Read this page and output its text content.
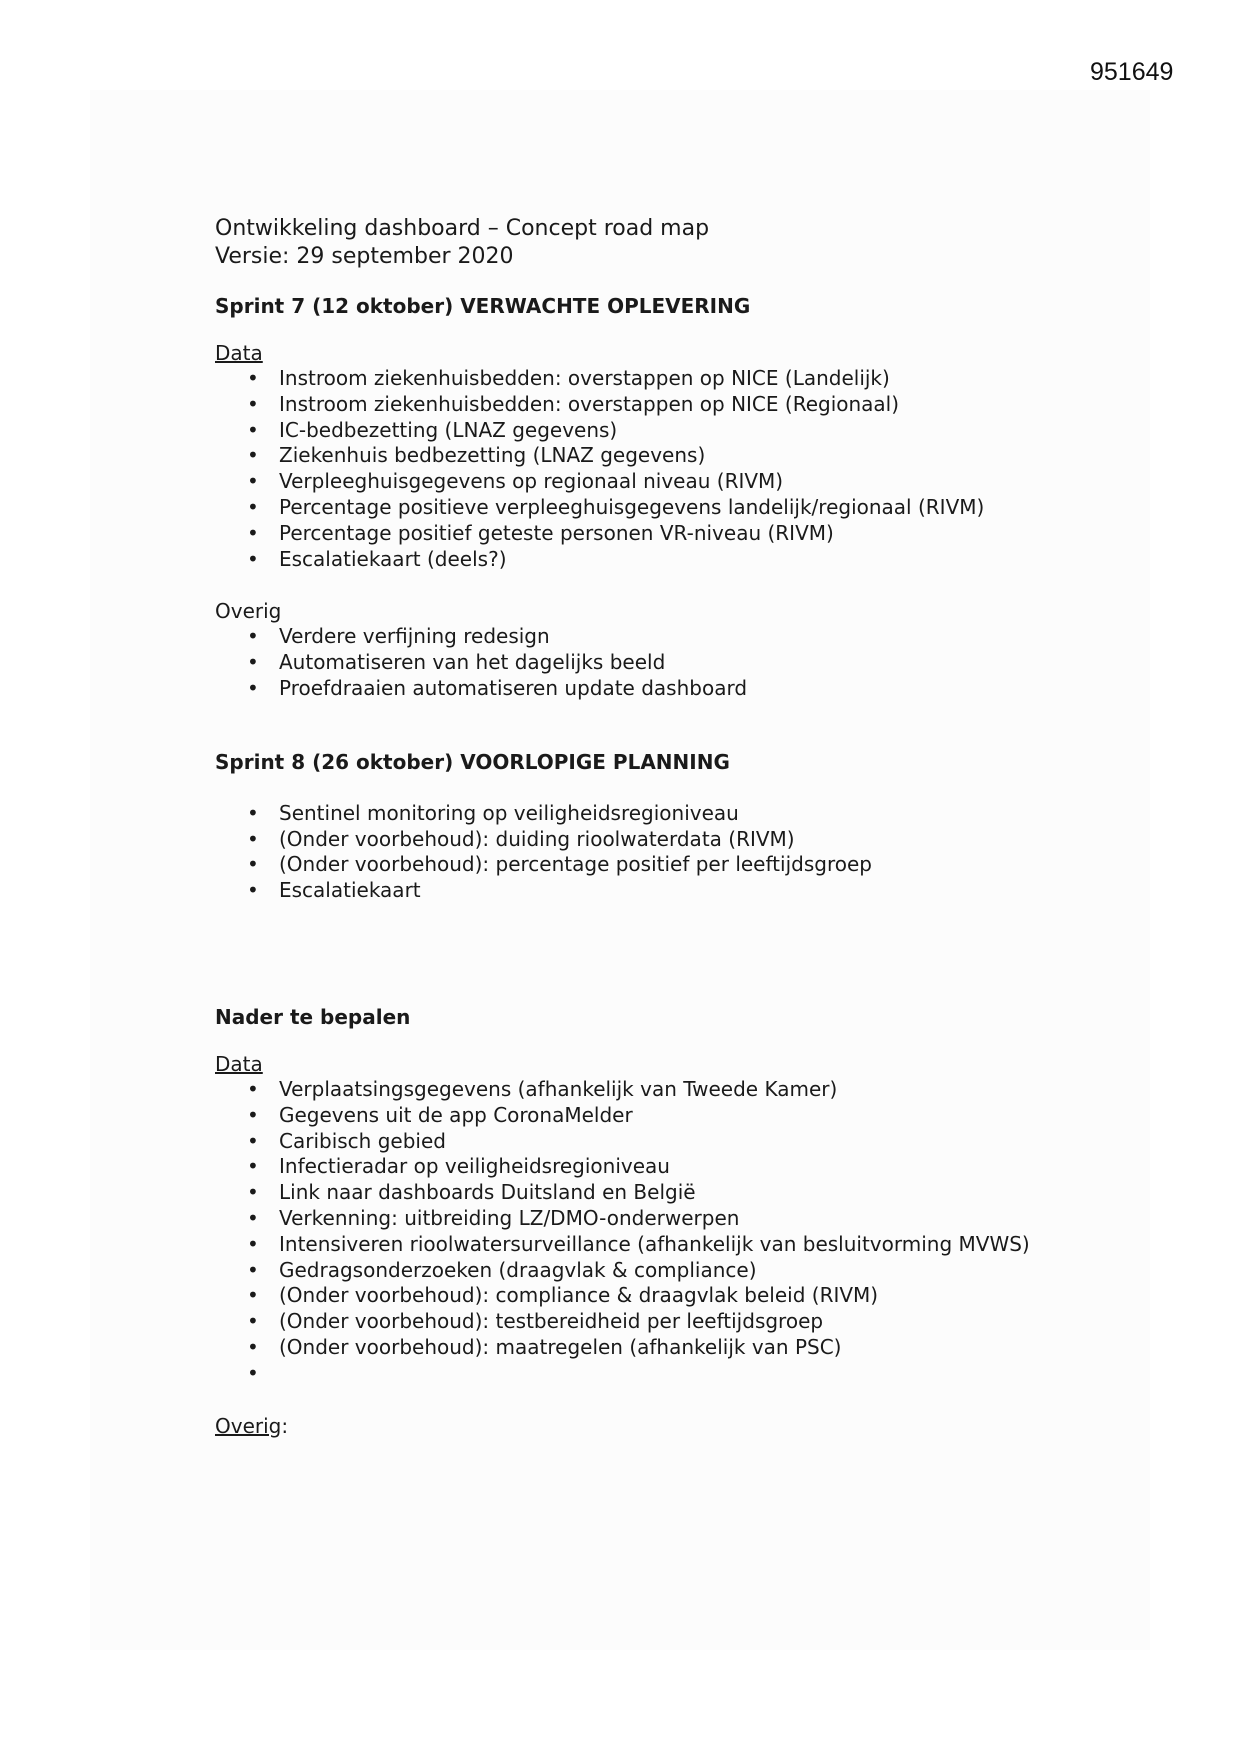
951649

Ontwikkeling dashboard – Concept road map

Versie: 29 september 2020

Sprint 7 (12 oktober) VERWACHTE OPLEVERING

Data

• Instroom ziekenhuisbedden: overstappen op NICE (Landelijk)
• Instroom ziekenhuisbedden: overstappen op NICE (Regionaal)
• IC-bedbezetting (LNAZ gegevens)
• Ziekenhuis bedbezetting (LNAZ gegevens)
• Verpleeghuisgegevens op regionaal niveau (RIVM)
• Percentage positieve verpleeghuisgegevens landelijk/regionaal (RIVM)
• Percentage positief geteste personen VR-niveau (RIVM)
• Escalatiekaart (deels?)

Overig

• Verdere verfijning redesign
• Automatiseren van het dagelijks beeld
• Proefdraaien automatiseren update dashboard

Sprint 8 (26 oktober) VOORLOPIGE PLANNING

• Sentinel monitoring op veiligheidsregioniveau
• (Onder voorbehoud): duiding rioolwaterdata (RIVM)
• (Onder voorbehoud): percentage positief per leeftijdsgroep
• Escalatiekaart

Nader te bepalen

Data

• Verplaatsingsgegevens (afhankelijk van Tweede Kamer)
• Gegevens uit de app CoronaMelder
• Caribisch gebied
• Infectieradar op veiligheidsregioniveau
• Link naar dashboards Duitsland en België
• Verkenning: uitbreiding LZ/DMO-onderwerpen
• Intensiveren rioolwatersurveillance (afhankelijk van besluitvorming MVWS)
• Gedragsonderzoeken (draagvlak & compliance)
• (Onder voorbehoud): compliance & draagvlak beleid (RIVM)
• (Onder voorbehoud): testbereidheid per leeftijdsgroep
• (Onder voorbehoud): maatregelen (afhankelijk van PSC)
•

Overig:
